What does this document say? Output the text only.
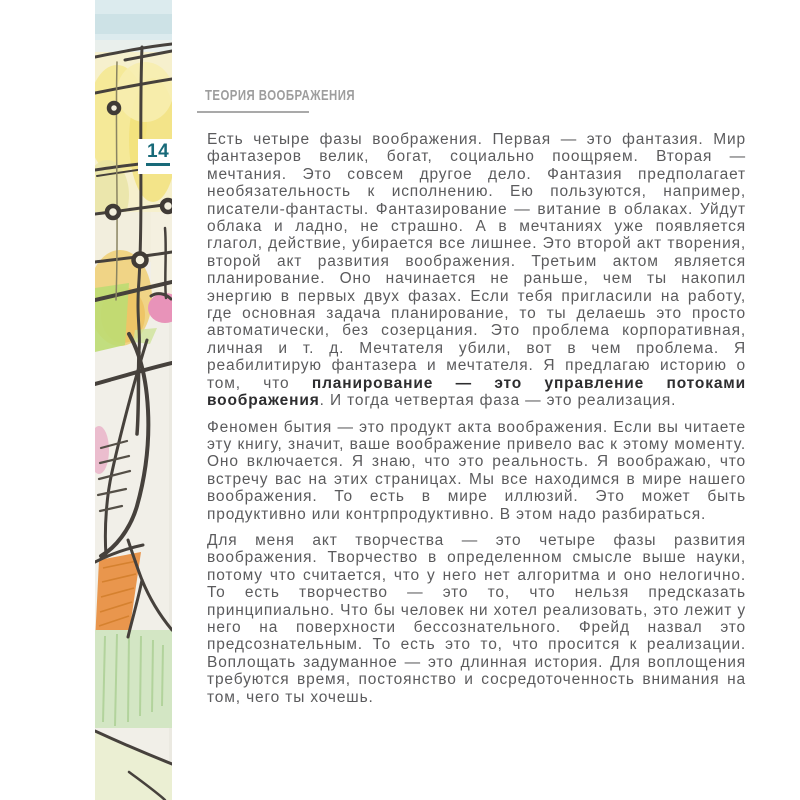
14
ТЕОРИЯ ВООБРАЖЕНИЯ

Есть четыре фазы воображения. Первая — это фантазия. Мир фантазеров велик, богат, социально поощряем. Вторая — мечтания. Это совсем другое дело. Фантазия предполагает необязательность к исполнению. Ею пользуются, например, писатели-фантасты. Фантазирование — витание в облаках. Уйдут облака и ладно, не страшно. А в мечтаниях уже появляется глагол, действие, убирается все лишнее. Это второй акт творения, второй акт развития воображения. Третьим актом является планирование. Оно начинается не раньше, чем ты накопил энергию в первых двух фазах. Если тебя пригласили на работу, где основная задача планирование, то ты делаешь это просто автоматически, без созерцания. Это проблема корпоративная, личная и т. д. Мечтателя убили, вот в чем проблема. Я реабилитирую фантазера и мечтателя. Я предлагаю историю о том, что планирование — это управление потоками воображения. И тогда четвертая фаза — это реализация.

Феномен бытия — это продукт акта воображения. Если вы читаете эту книгу, значит, ваше воображение привело вас к этому моменту. Оно включается. Я знаю, что это реальность. Я воображаю, что встречу вас на этих страницах. Мы все находимся в мире нашего воображения. То есть в мире иллюзий. Это может быть продуктивно или контрпродуктивно. В этом надо разбираться.

Для меня акт творчества — это четыре фазы развития воображения. Творчество в определенном смысле выше науки, потому что считается, что у него нет алгоритма и оно нелогично. То есть творчество — это то, что нельзя предсказать принципиально. Что бы человек ни хотел реализовать, это лежит у него на поверхности бессознательного. Фрейд назвал это предсознательным. То есть это то, что просится к реализации. Воплощать задуманное — это длинная история. Для воплощения требуются время, постоянство и сосредоточенность внимания на том, чего ты хочешь.
